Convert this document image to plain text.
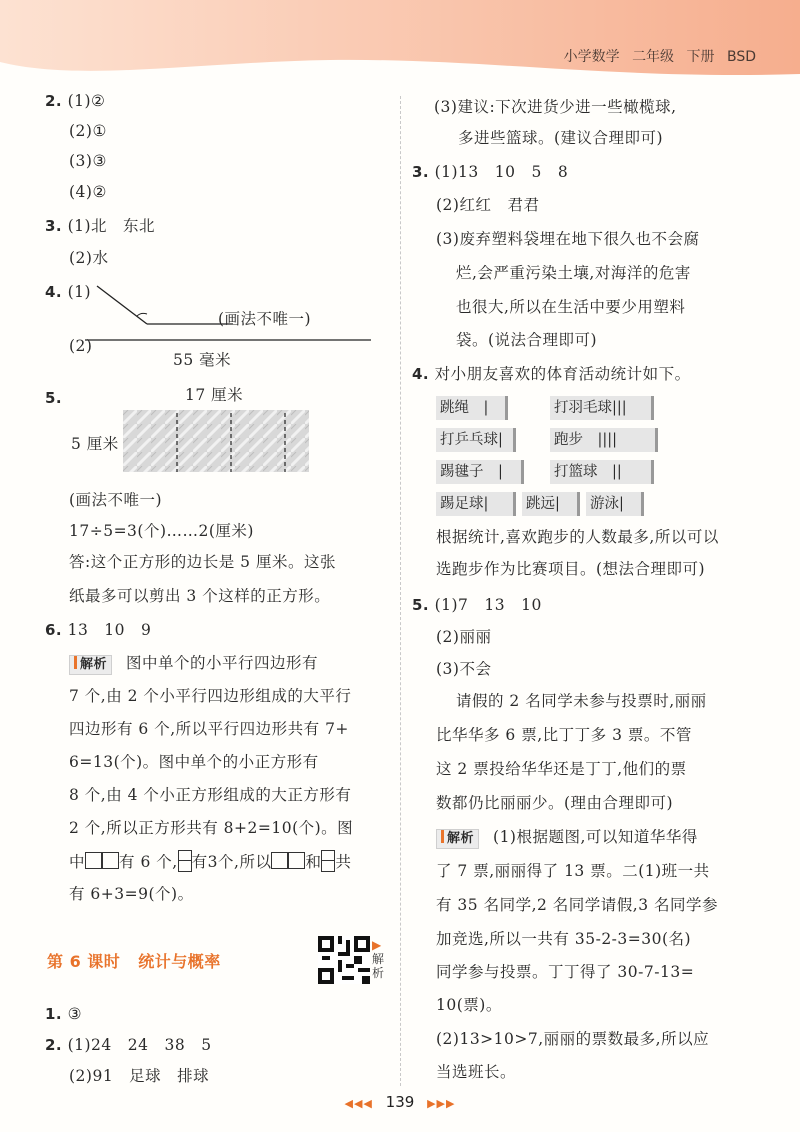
小学数学 二年级 下册 BSD
2. (1)②
(2)①
(3)③
(4)②
3. (1)北　东北
(2)水
4. (1)
(画法不唯一)
(2)
55 毫米
5.	17 厘米
5 厘米
(画法不唯一)
17÷5=3(个)……2(厘米)
答:这个正方形的边长是 5 厘米。这张
纸最多可以剪出 3 个这样的正方形。
6. 13　10　9
解析 图中单个的小平行四边形有
7 个,由 2 个小平行四边形组成的大平行
四边形有 6 个,所以平行四边形共有 7+
6=13(个)。图中单个的小正方形有
8 个,由 4 个小正方形组成的大正方形有
2 个,所以正方形共有 8+2=10(个)。图
中 有 6 个, 有3个,所以 和 共
有 6+3=9(个)。
第 6 课时 统计与概率
1. ③
2. (1)24　24　38　5
(2)91　足球　排球
▶
解析
(3)建议:下次进货少进一些橄榄球,
多进些篮球。(建议合理即可)
3. (1)13　10　5　8
(2)红红　君君
(3)废弃塑料袋埋在地下很久也不会腐
烂,会严重污染土壤,对海洋的危害
也很大,所以在生活中要少用塑料
袋。(说法合理即可)
4. 对小朋友喜欢的体育活动统计如下。
跳绳　|	打羽毛球|||
打乒乓球|	跑步　||||
踢毽子　|	打篮球　||
踢足球|	跳远|	游泳|
根据统计,喜欢跑步的人数最多,所以可以
选跑步作为比赛项目。(想法合理即可)
5. (1)7　13　10
(2)丽丽
(3)不会
请假的 2 名同学未参与投票时,丽丽
比华华多 6 票,比丁丁多 3 票。不管
这 2 票投给华华还是丁丁,他们的票
数都仍比丽丽少。(理由合理即可)
解析 (1)根据题图,可以知道华华得
了 7 票,丽丽得了 13 票。二(1)班一共
有 35 名同学,2 名同学请假,3 名同学参
加竞选,所以一共有 35-2-3=30(名)
同学参与投票。丁丁得了 30-7-13=
10(票)。
(2)13>10>7,丽丽的票数最多,所以应
当选班长。
◀◀◀ 139 ▶▶▶
